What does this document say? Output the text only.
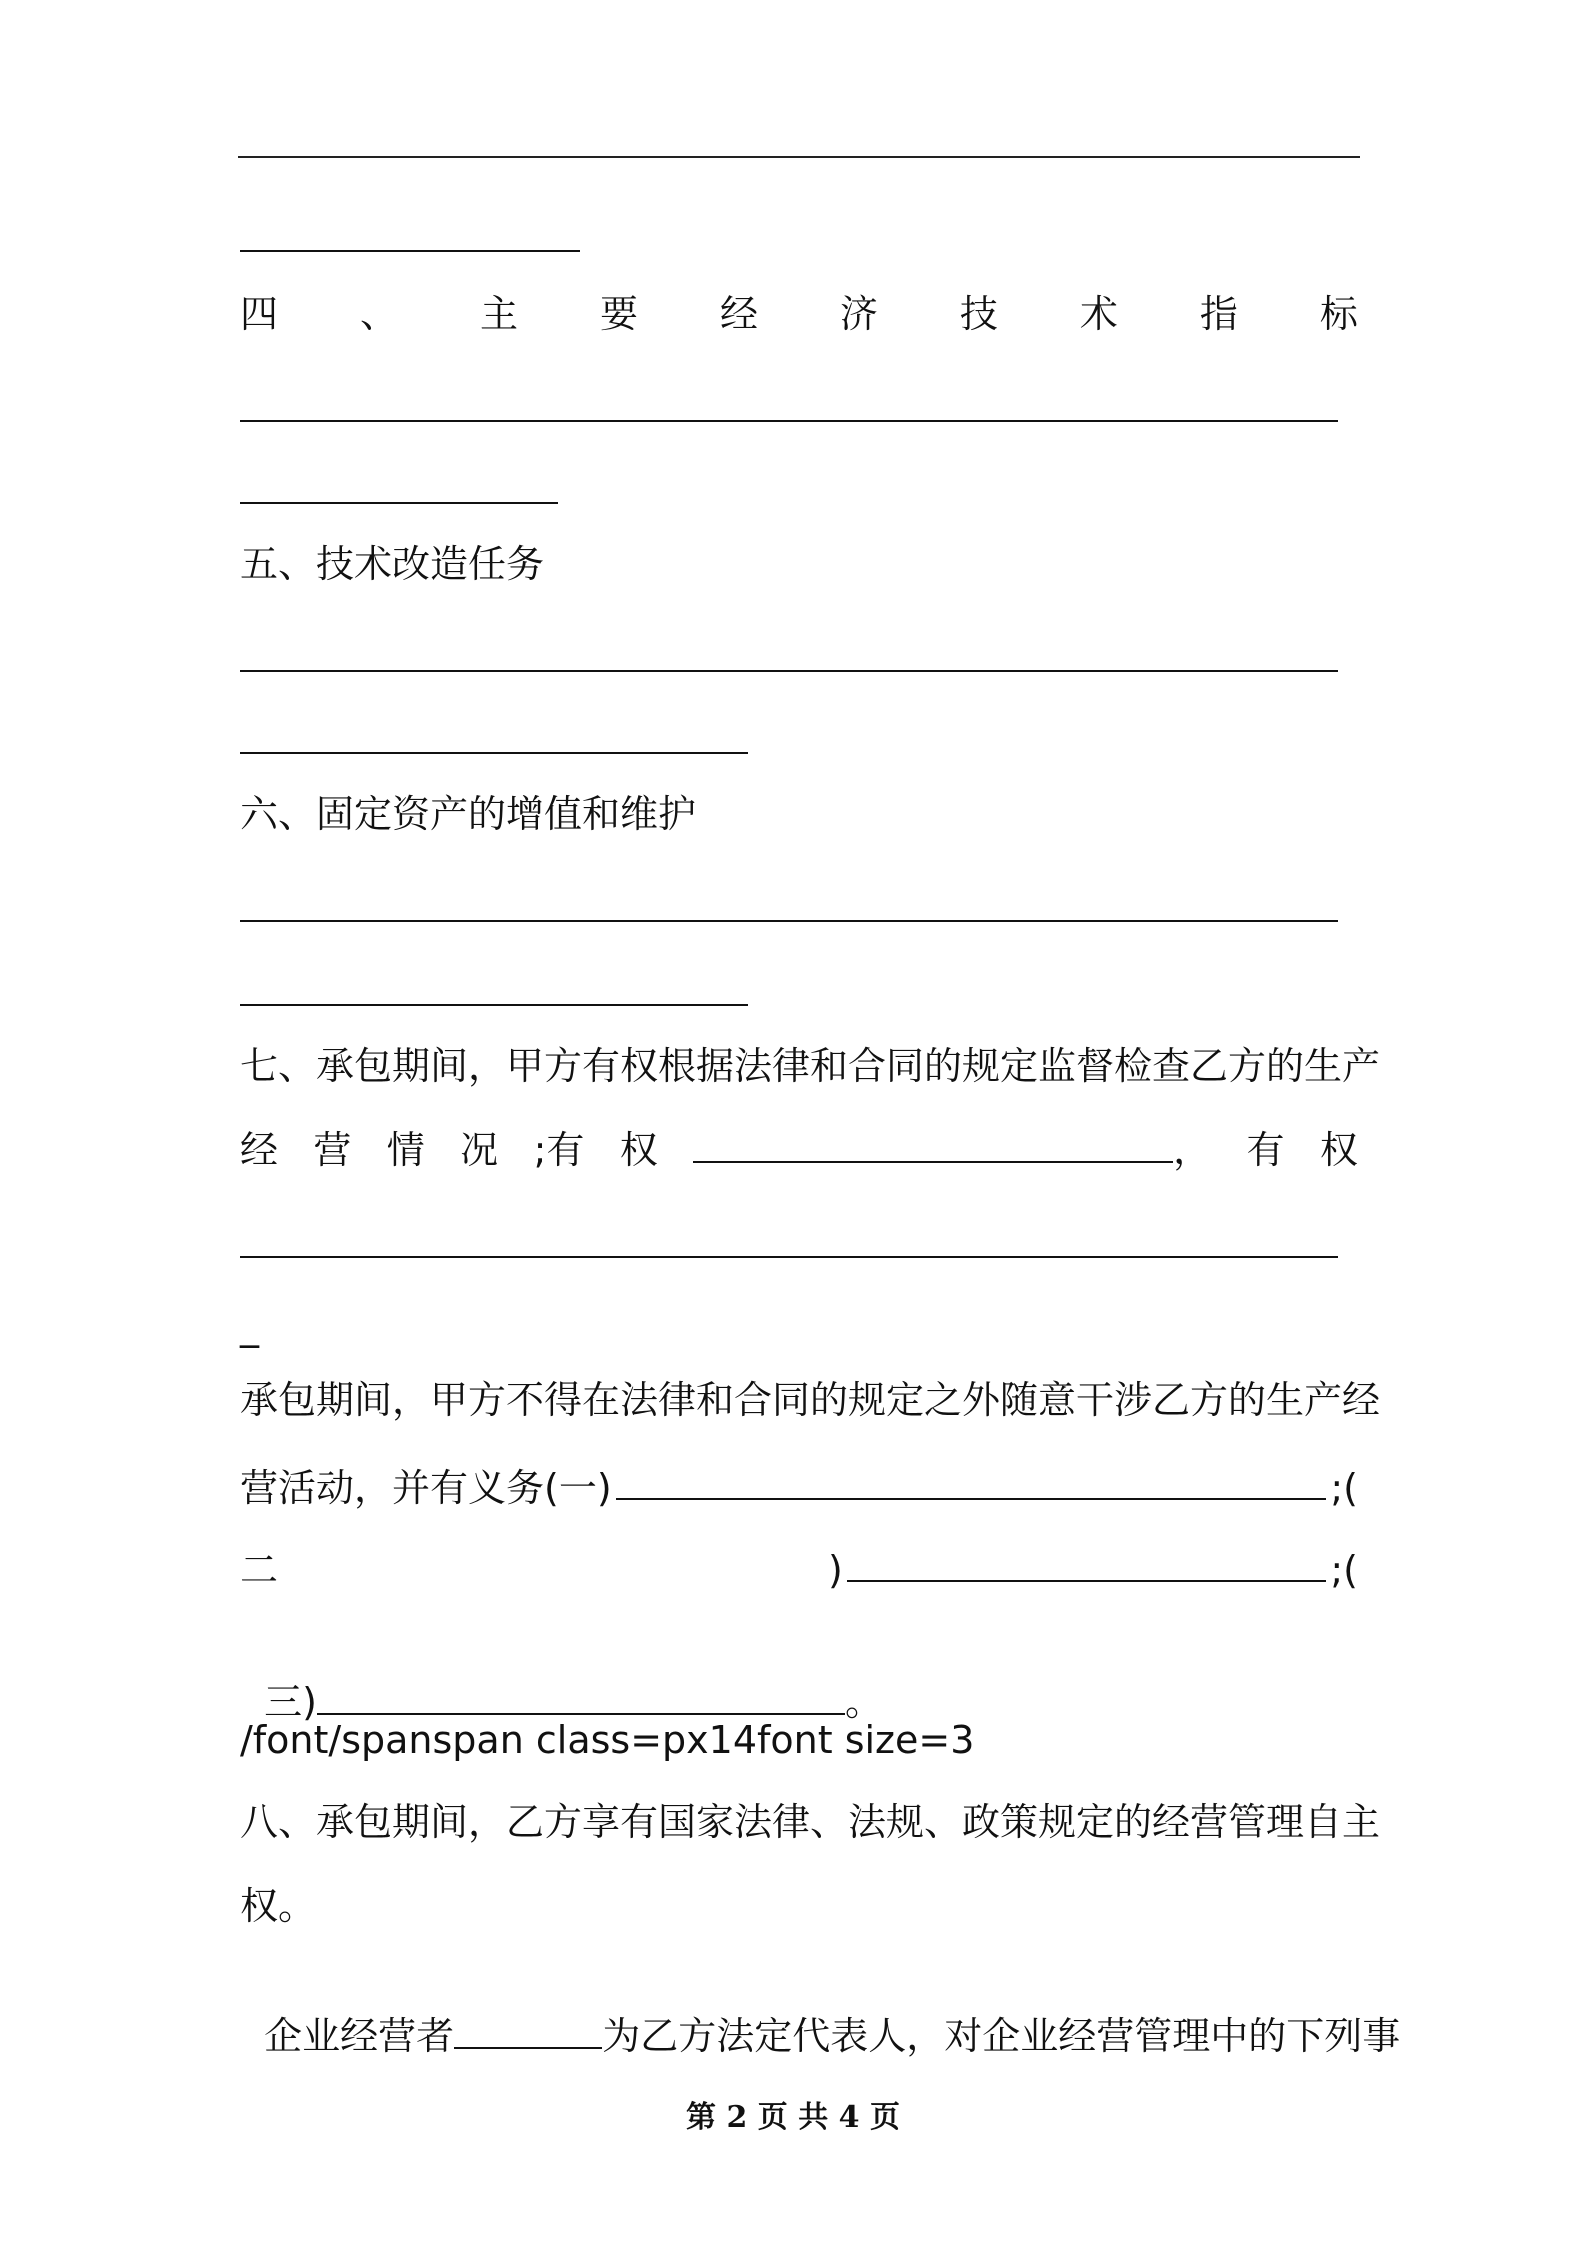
四 、 主 要 经 济 技 术 指 标
五、技术改造任务
六、固定资产的增值和维护
七、承包期间，甲方有权根据法律和合同的规定监督检查乙方的生产
经 营 情 况 ;有 权	， 有 权
_
承包期间，甲方不得在法律和合同的规定之外随意干涉乙方的生产经
营活动，并有义务(一)	;(
二	)	;(

三)	。

/font/spanspan class=px14font size=3
八、承包期间，乙方享有国家法律、法规、政策规定的经营管理自主
权。

企业经营者	为乙方法定代表人，对企业经营管理中的下列事

第 2 页 共 4 页
